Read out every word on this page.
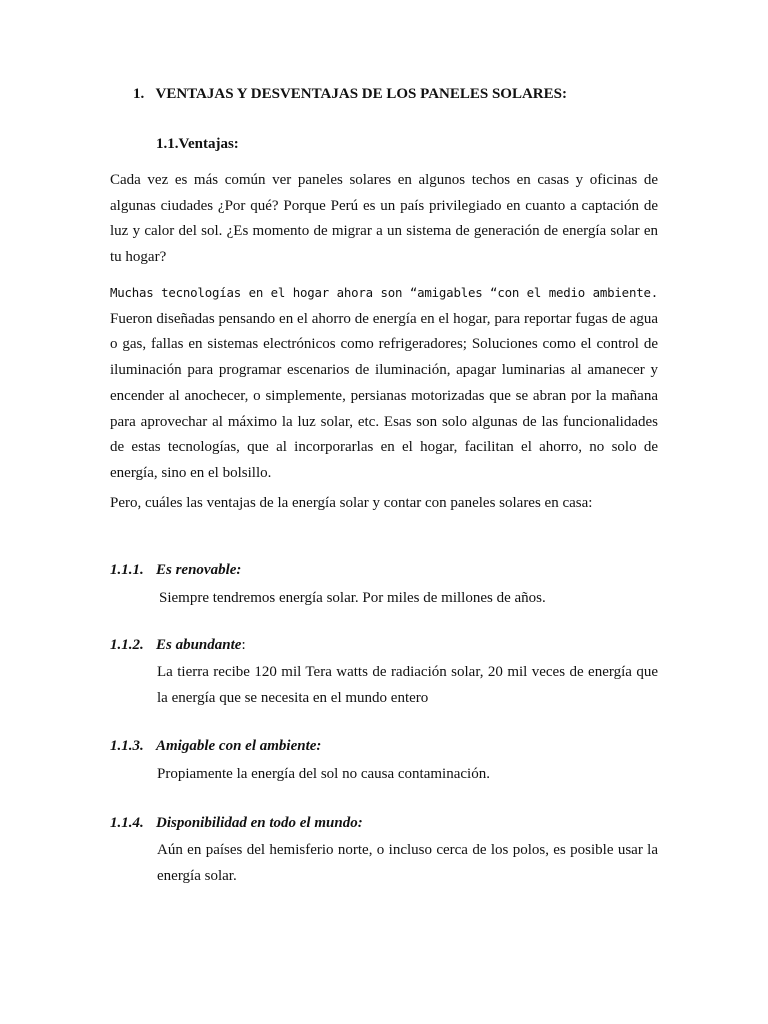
1. VENTAJAS Y DESVENTAJAS DE LOS PANELES SOLARES:
1.1.Ventajas:

Cada vez es más común ver paneles solares en algunos techos en casas y oficinas de algunas ciudades ¿Por qué? Porque Perú es un país privilegiado en cuanto a captación de luz y calor del sol. ¿Es momento de migrar a un sistema de generación de energía solar en tu hogar?

Muchas tecnologías en el hogar ahora son “amigables “con el medio ambiente. Fueron diseñadas pensando en el ahorro de energía en el hogar, para reportar fugas de agua o gas, fallas en sistemas electrónicos como refrigeradores; Soluciones como el control de iluminación para programar escenarios de iluminación, apagar luminarias al amanecer y encender al anochecer, o simplemente, persianas motorizadas que se abran por la mañana para aprovechar al máximo la luz solar, etc. Esas son solo algunas de las funcionalidades de estas tecnologías, que al incorporarlas en el hogar, facilitan el ahorro, no solo de energía, sino en el bolsillo.

Pero, cuáles las ventajas de la energía solar y contar con paneles solares en casa:

1.1.1. Es renovable:

Siempre tendremos energía solar. Por miles de millones de años.

1.1.2. Es abundante:

La tierra recibe 120 mil Tera watts de radiación solar, 20 mil veces de energía que la energía que se necesita en el mundo entero

1.1.3. Amigable con el ambiente:

Propiamente la energía del sol no causa contaminación.

1.1.4. Disponibilidad en todo el mundo:

Aún en países del hemisferio norte, o incluso cerca de los polos, es posible usar la energía solar.
